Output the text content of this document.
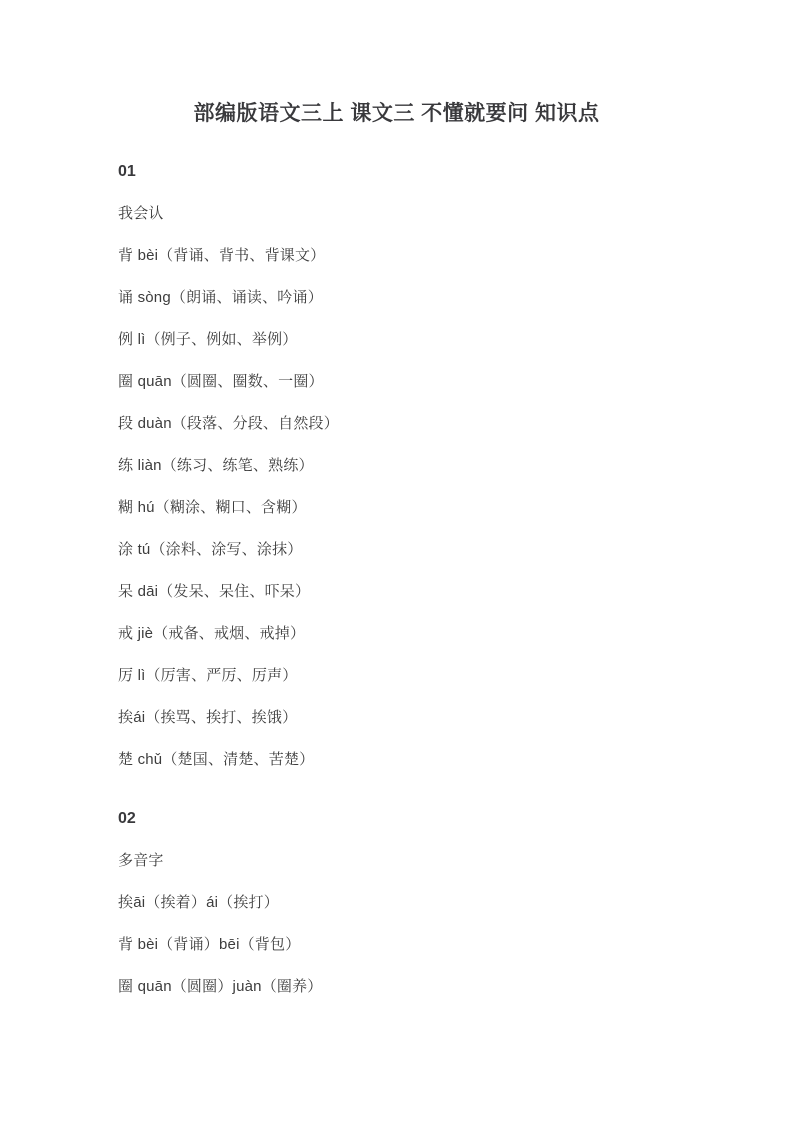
部编版语文三上 课文三 不懂就要问 知识点

01

我会认

背 bèi（背诵、背书、背课文）

诵 sòng（朗诵、诵读、吟诵）

例 lì（例子、例如、举例）

圈 quān（圆圈、圈数、一圈）

段 duàn（段落、分段、自然段）

练 liàn（练习、练笔、熟练）

糊 hú（糊涂、糊口、含糊）

涂 tú（涂料、涂写、涂抹）

呆 dāi（发呆、呆住、吓呆）

戒 jiè（戒备、戒烟、戒掉）

厉 lì（厉害、严厉、厉声）

挨ái（挨骂、挨打、挨饿）

楚 chǔ（楚国、清楚、苦楚）

02

多音字

挨āi（挨着）ái（挨打）

背 bèi（背诵）bēi（背包）

圈 quān（圆圈）juàn（圈养）
